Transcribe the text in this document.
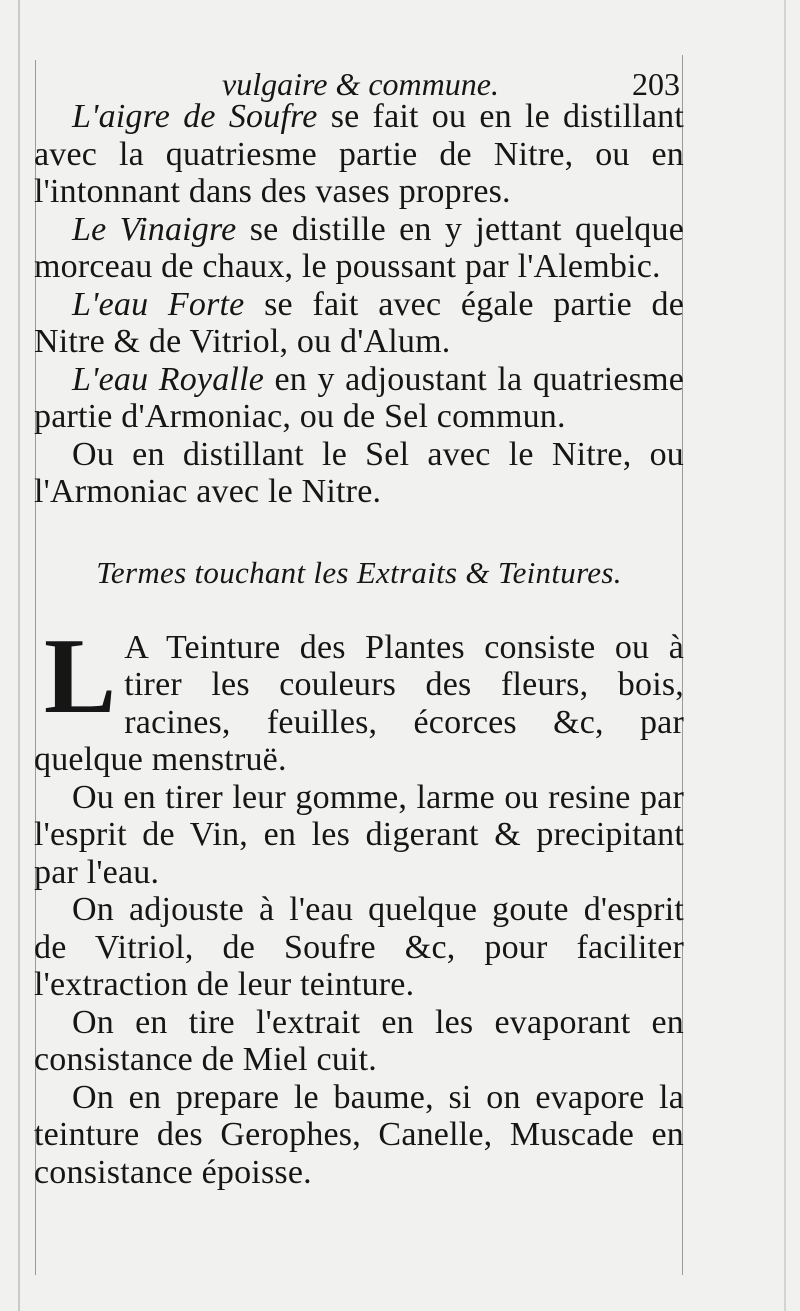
vulgaire & commune.	203

L'aigre de Soufre se fait ou en le distillant avec la quatriesme partie de Nitre, ou en l'intonnant dans des vases propres.

Le Vinaigre se distille en y jettant quelque morceau de chaux, le poussant par l'Alembic.

L'eau Forte se fait avec égale partie de Nitre & de Vitriol, ou d'Alum.

L'eau Royalle en y adjoustant la quatriesme partie d'Armoniac, ou de Sel commun.

Ou en distillant le Sel avec le Nitre, ou l'Armoniac avec le Nitre.

Termes touchant les Extraits & Teintures.

L A Teinture des Plantes consiste ou à tirer les couleurs des fleurs, bois, racines, feuilles, écorces &c, par quelque menstruë.

Ou en tirer leur gomme, larme ou resine par l'esprit de Vin, en les digerant & precipitant par l'eau.

On adjouste à l'eau quelque goute d'esprit de Vitriol, de Soufre &c, pour faciliter l'extraction de leur teinture.

On en tire l'extrait en les evaporant en consistance de Miel cuit.

On en prepare le baume, si on evapore la teinture des Gerophes, Canelle, Muscade en consistance époisse.
